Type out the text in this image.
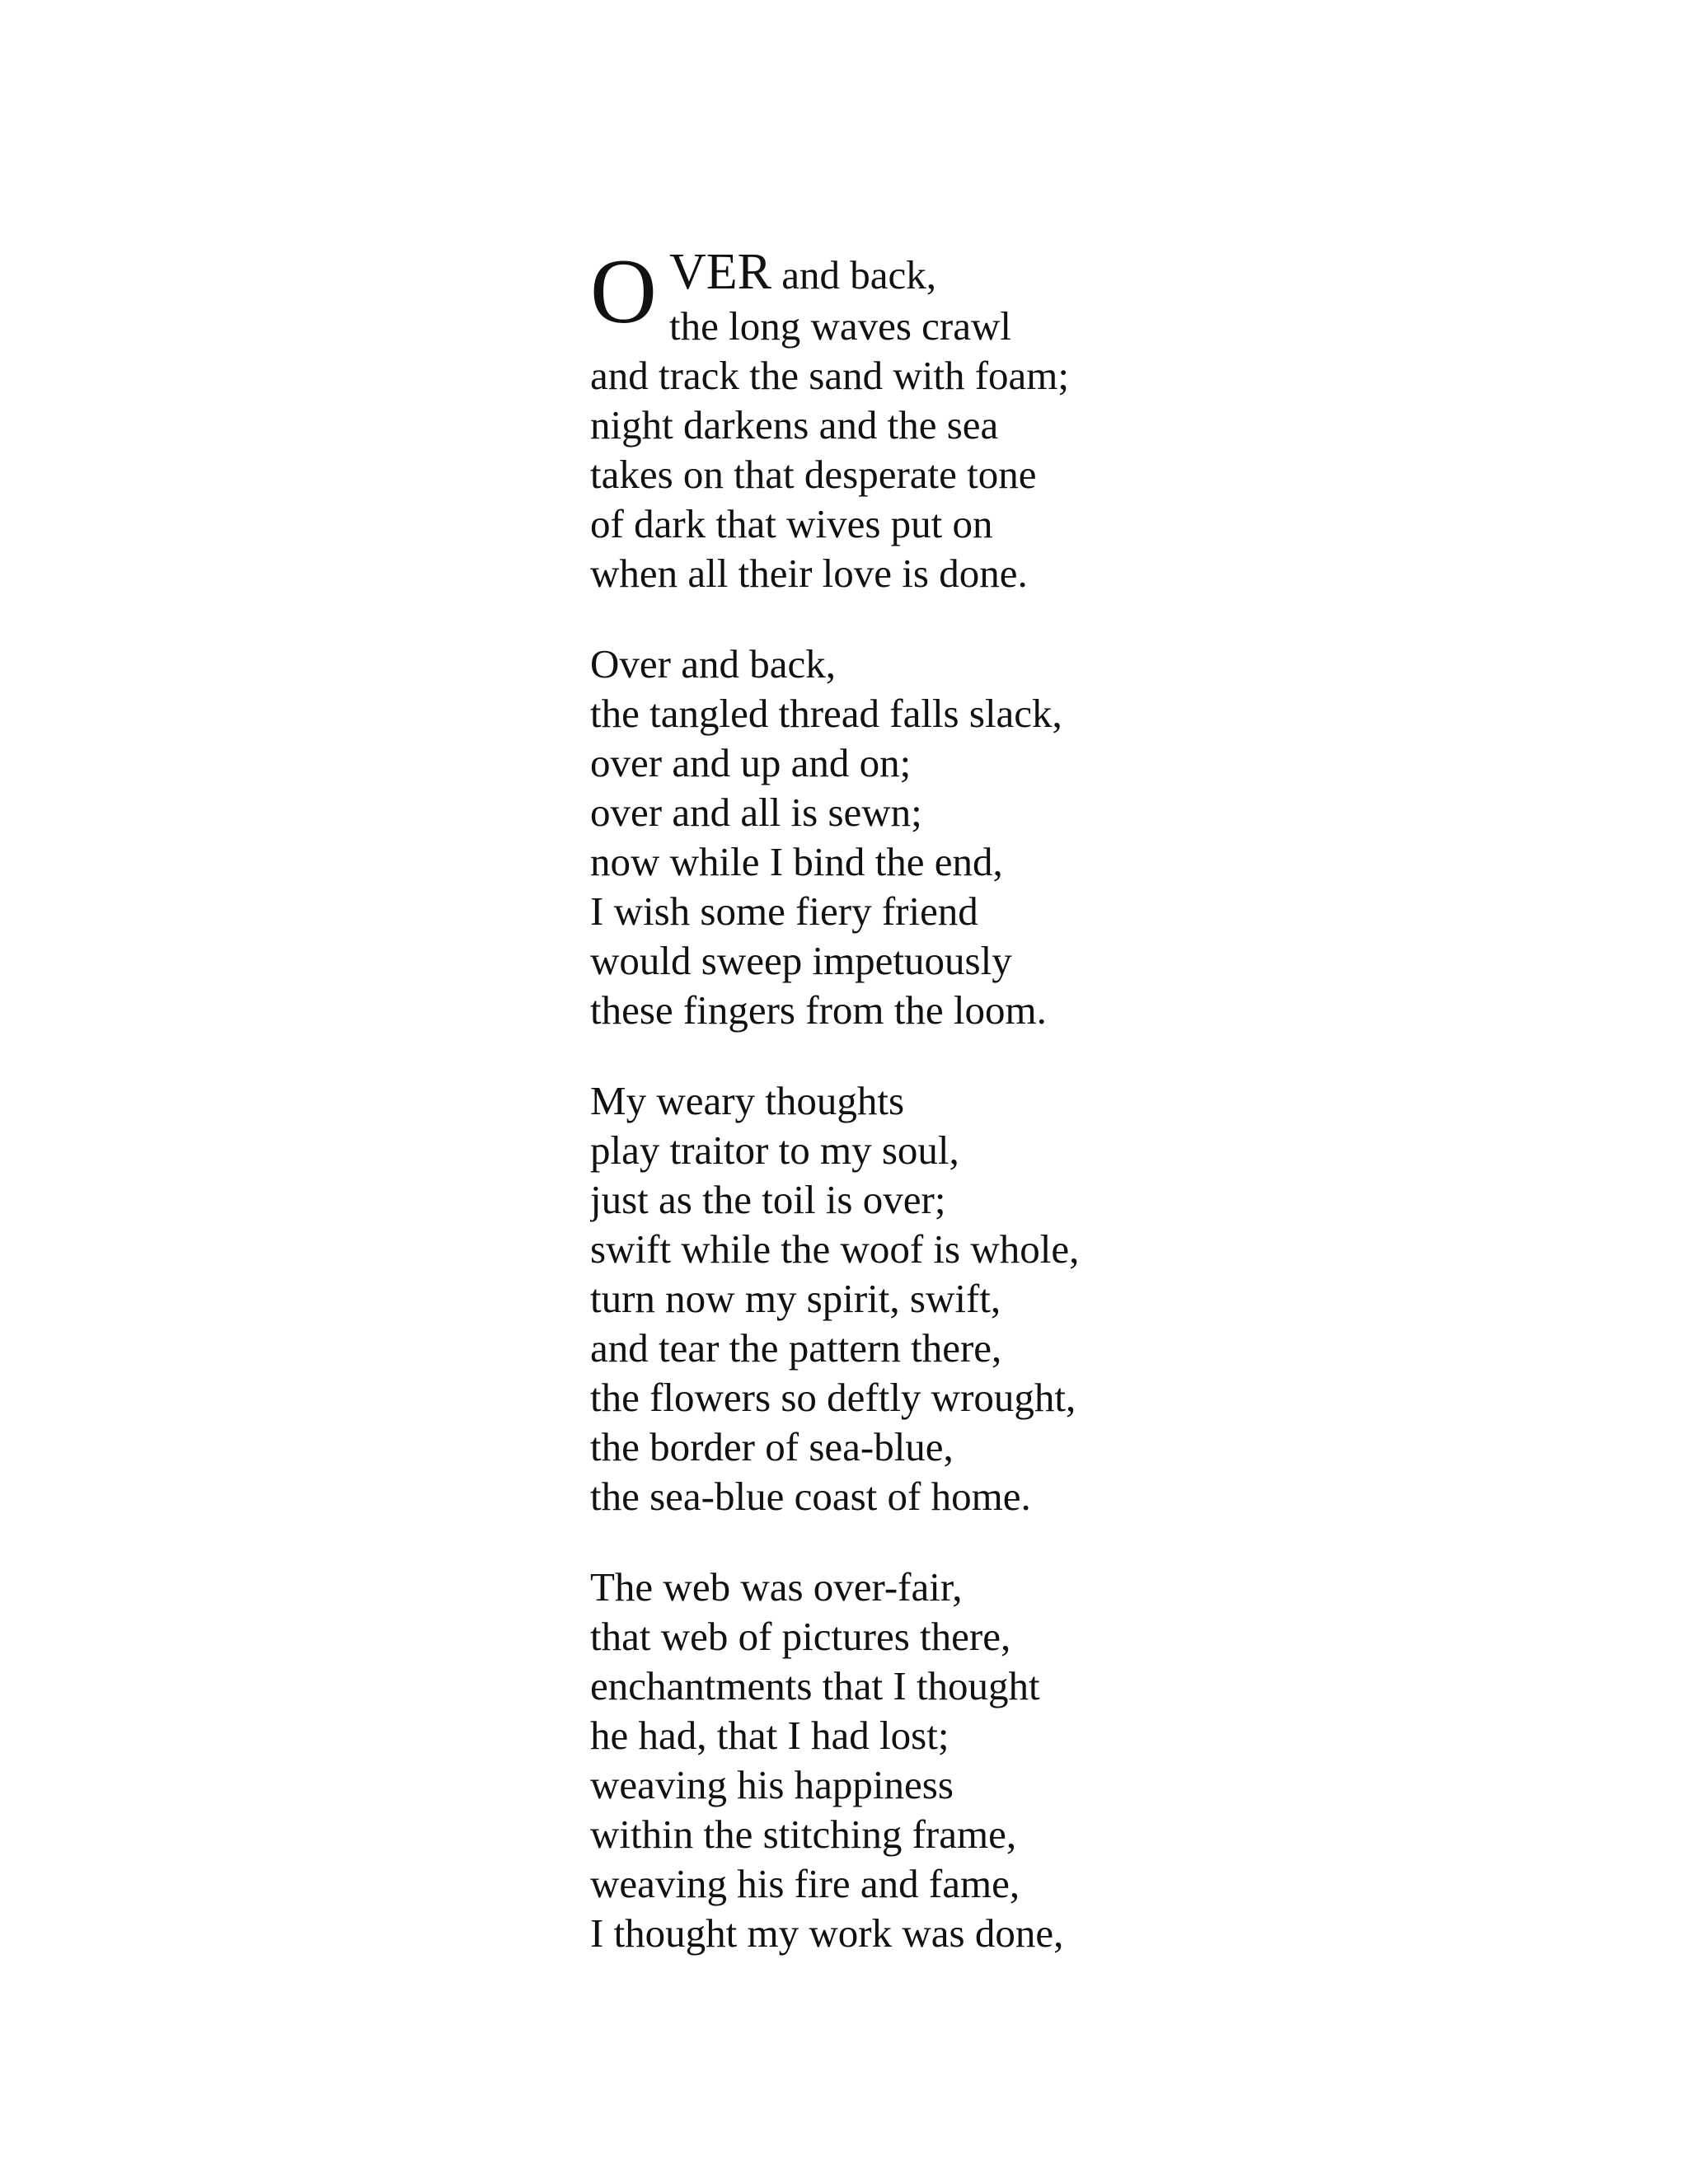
O VER and back,
the long waves crawl
and track the sand with foam;
night darkens and the sea
takes on that desperate tone
of dark that wives put on
when all their love is done.
Over and back,
the tangled thread falls slack,
over and up and on;
over and all is sewn;
now while I bind the end,
I wish some fiery friend
would sweep impetuously
these fingers from the loom.
My weary thoughts
play traitor to my soul,
just as the toil is over;
swift while the woof is whole,
turn now my spirit, swift,
and tear the pattern there,
the flowers so deftly wrought,
the border of sea-blue,
the sea-blue coast of home.
The web was over-fair,
that web of pictures there,
enchantments that I thought
he had, that I had lost;
weaving his happiness
within the stitching frame,
weaving his fire and fame,
I thought my work was done,
